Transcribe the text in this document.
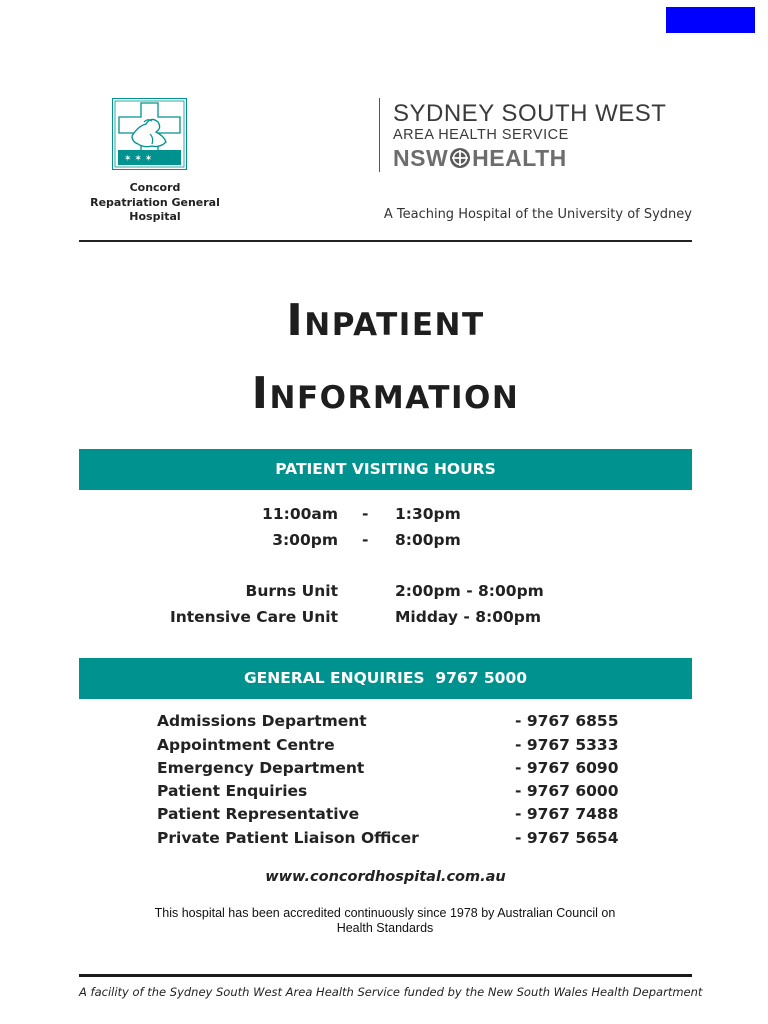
✶ ✶ ✶
Concord
Repatriation General
Hospital
SYDNEY SOUTH WEST
AREA HEALTH SERVICE
NSW HEALTH
A Teaching Hospital of the University of Sydney
INPATIENT
INFORMATION
PATIENT VISITING HOURS
11:00am - 1:30pm
3:00pm - 8:00pm
Burns Unit	2:00pm - 8:00pm
Intensive Care Unit	Midday - 8:00pm
GENERAL ENQUIRIES  9767 5000
Admissions Department	- 9767 6855
Appointment Centre	- 9767 5333
Emergency Department	- 9767 6090
Patient Enquiries	- 9767 6000
Patient Representative	- 9767 7488
Private Patient Liaison Officer	- 9767 5654
www.concordhospital.com.au
This hospital has been accredited continuously since 1978 by Australian Council on Health Standards
A facility of the Sydney South West Area Health Service funded by the New South Wales Health Department
